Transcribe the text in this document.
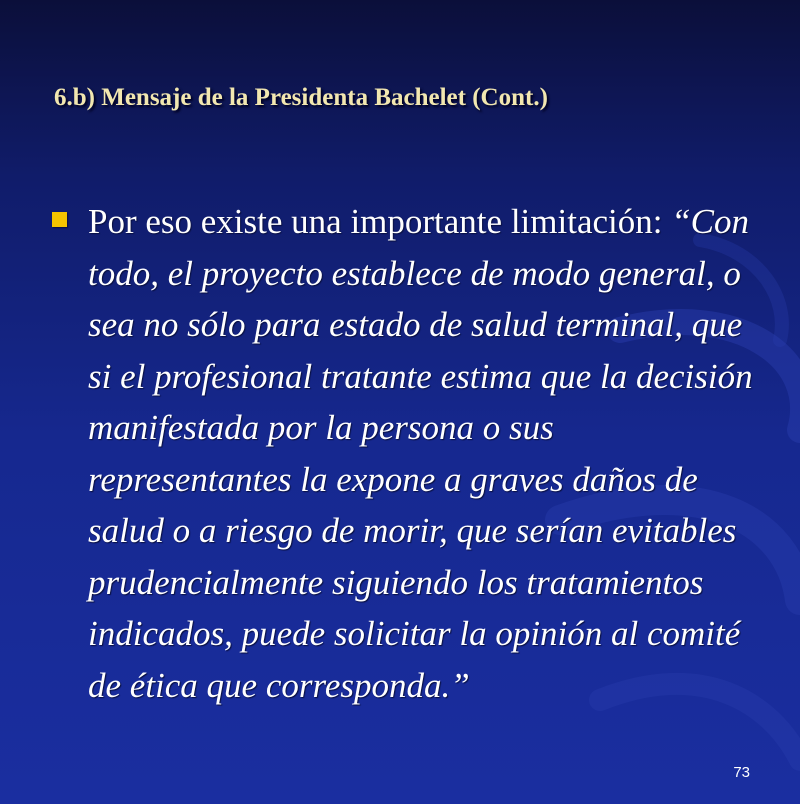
6.b) Mensaje de la Presidenta Bachelet (Cont.)

Por eso existe una importante limitación: “Con todo, el proyecto establece de modo general, o sea no sólo para estado de salud terminal, que si el profesional tratante estima que la decisión manifestada por la persona o sus representantes la expone a graves daños de salud o a riesgo de morir, que serían evitables prudencialmente siguiendo los tratamientos indicados, puede solicitar la opinión al comité de ética que corresponda.”

73
